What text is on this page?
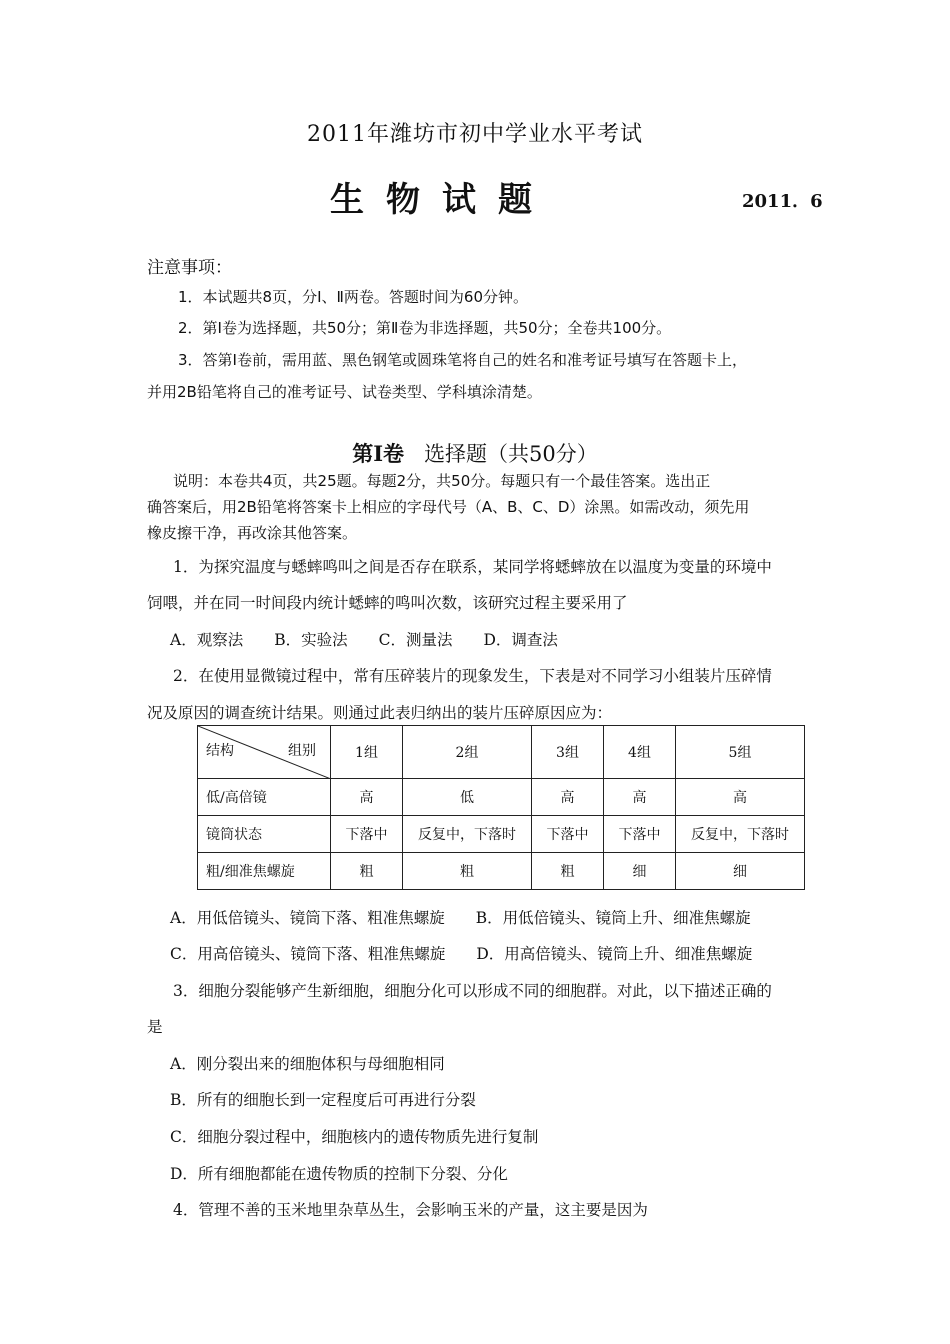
2011年潍坊市初中学业水平考试
生物试题	2011．6
注意事项：
1．本试题共8页，分Ⅰ、Ⅱ两卷。答题时间为60分钟。
2．第Ⅰ卷为选择题，共50分；第Ⅱ卷为非选择题，共50分；全卷共100分。
3．答第Ⅰ卷前，需用蓝、黑色钢笔或圆珠笔将自己的姓名和准考证号填写在答题卡上，
并用2B铅笔将自己的准考证号、试卷类型、学科填涂清楚。
第Ⅰ卷 选择题（共50分）
说明：本卷共4页，共25题。每题2分，共50分。每题只有一个最佳答案。选出正
确答案后，用2B铅笔将答案卡上相应的字母代号（A、B、C、D）涂黑。如需改动，须先用
橡皮擦干净，再改涂其他答案。
1．为探究温度与蟋蟀鸣叫之间是否存在联系，某同学将蟋蟀放在以温度为变量的环境中
饲喂，并在同一时间段内统计蟋蟀的鸣叫次数，该研究过程主要采用了
A．观察法　　B．实验法　　C．测量法　　D．调查法
2．在使用显微镜过程中，常有压碎装片的现象发生，下表是对不同学习小组装片压碎情
况及原因的调查统计结果。则通过此表归纳出的装片压碎原因应为：
结构 组别	1组	2组	3组	4组	5组
低/高倍镜	高	低	高	高	高
镜筒状态	下落中	反复中，下落时	下落中	下落中	反复中，下落时
粗/细准焦螺旋	粗	粗	粗	细	细
A．用低倍镜头、镜筒下落、粗准焦螺旋　　B．用低倍镜头、镜筒上升、细准焦螺旋
C．用高倍镜头、镜筒下落、粗准焦螺旋　　D．用高倍镜头、镜筒上升、细准焦螺旋
3．细胞分裂能够产生新细胞，细胞分化可以形成不同的细胞群。对此，以下描述正确的
是
A．刚分裂出来的细胞体积与母细胞相同
B．所有的细胞长到一定程度后可再进行分裂
C．细胞分裂过程中，细胞核内的遗传物质先进行复制
D．所有细胞都能在遗传物质的控制下分裂、分化
4．管理不善的玉米地里杂草丛生，会影响玉米的产量，这主要是因为
